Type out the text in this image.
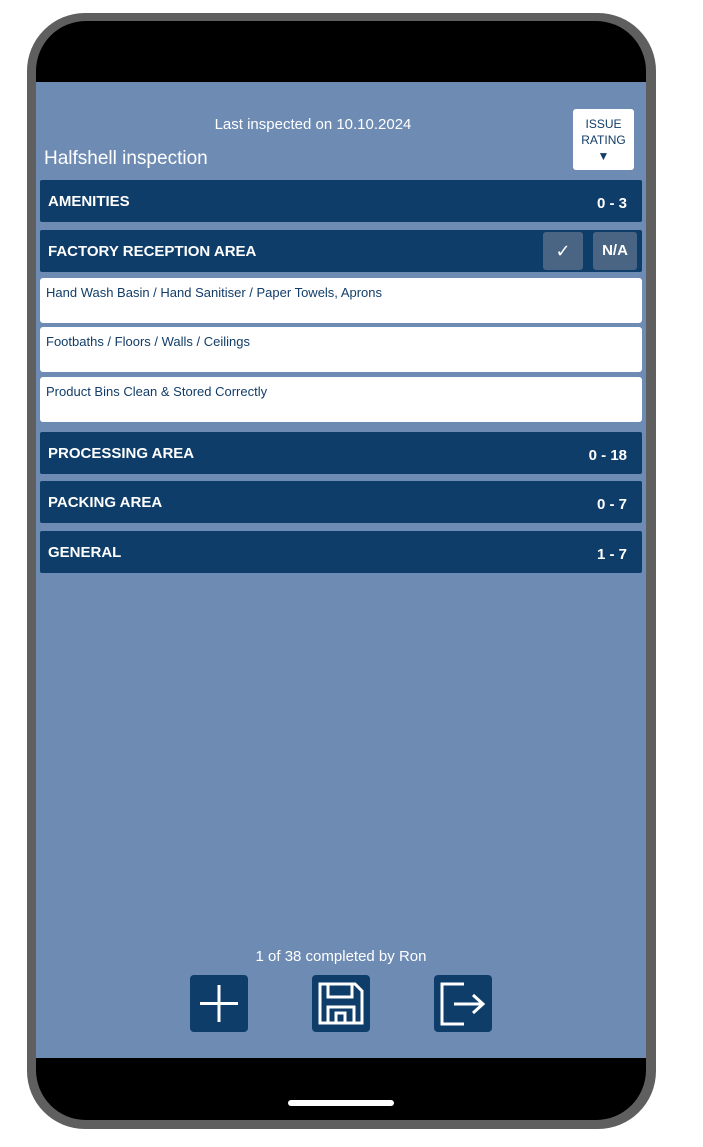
Last inspected on 10.10.2024
Halfshell inspection
ISSUE
RATING
▼
AMENITIES	0 - 3
FACTORY RECEPTION AREA	✓	N/A
Hand Wash Basin / Hand Sanitiser / Paper Towels, Aprons
Footbaths / Floors / Walls / Ceilings
Product Bins Clean & Stored Correctly
PROCESSING AREA	0 - 18
PACKING AREA	0 - 7
GENERAL	1 - 7
1 of 38 completed by Ron
